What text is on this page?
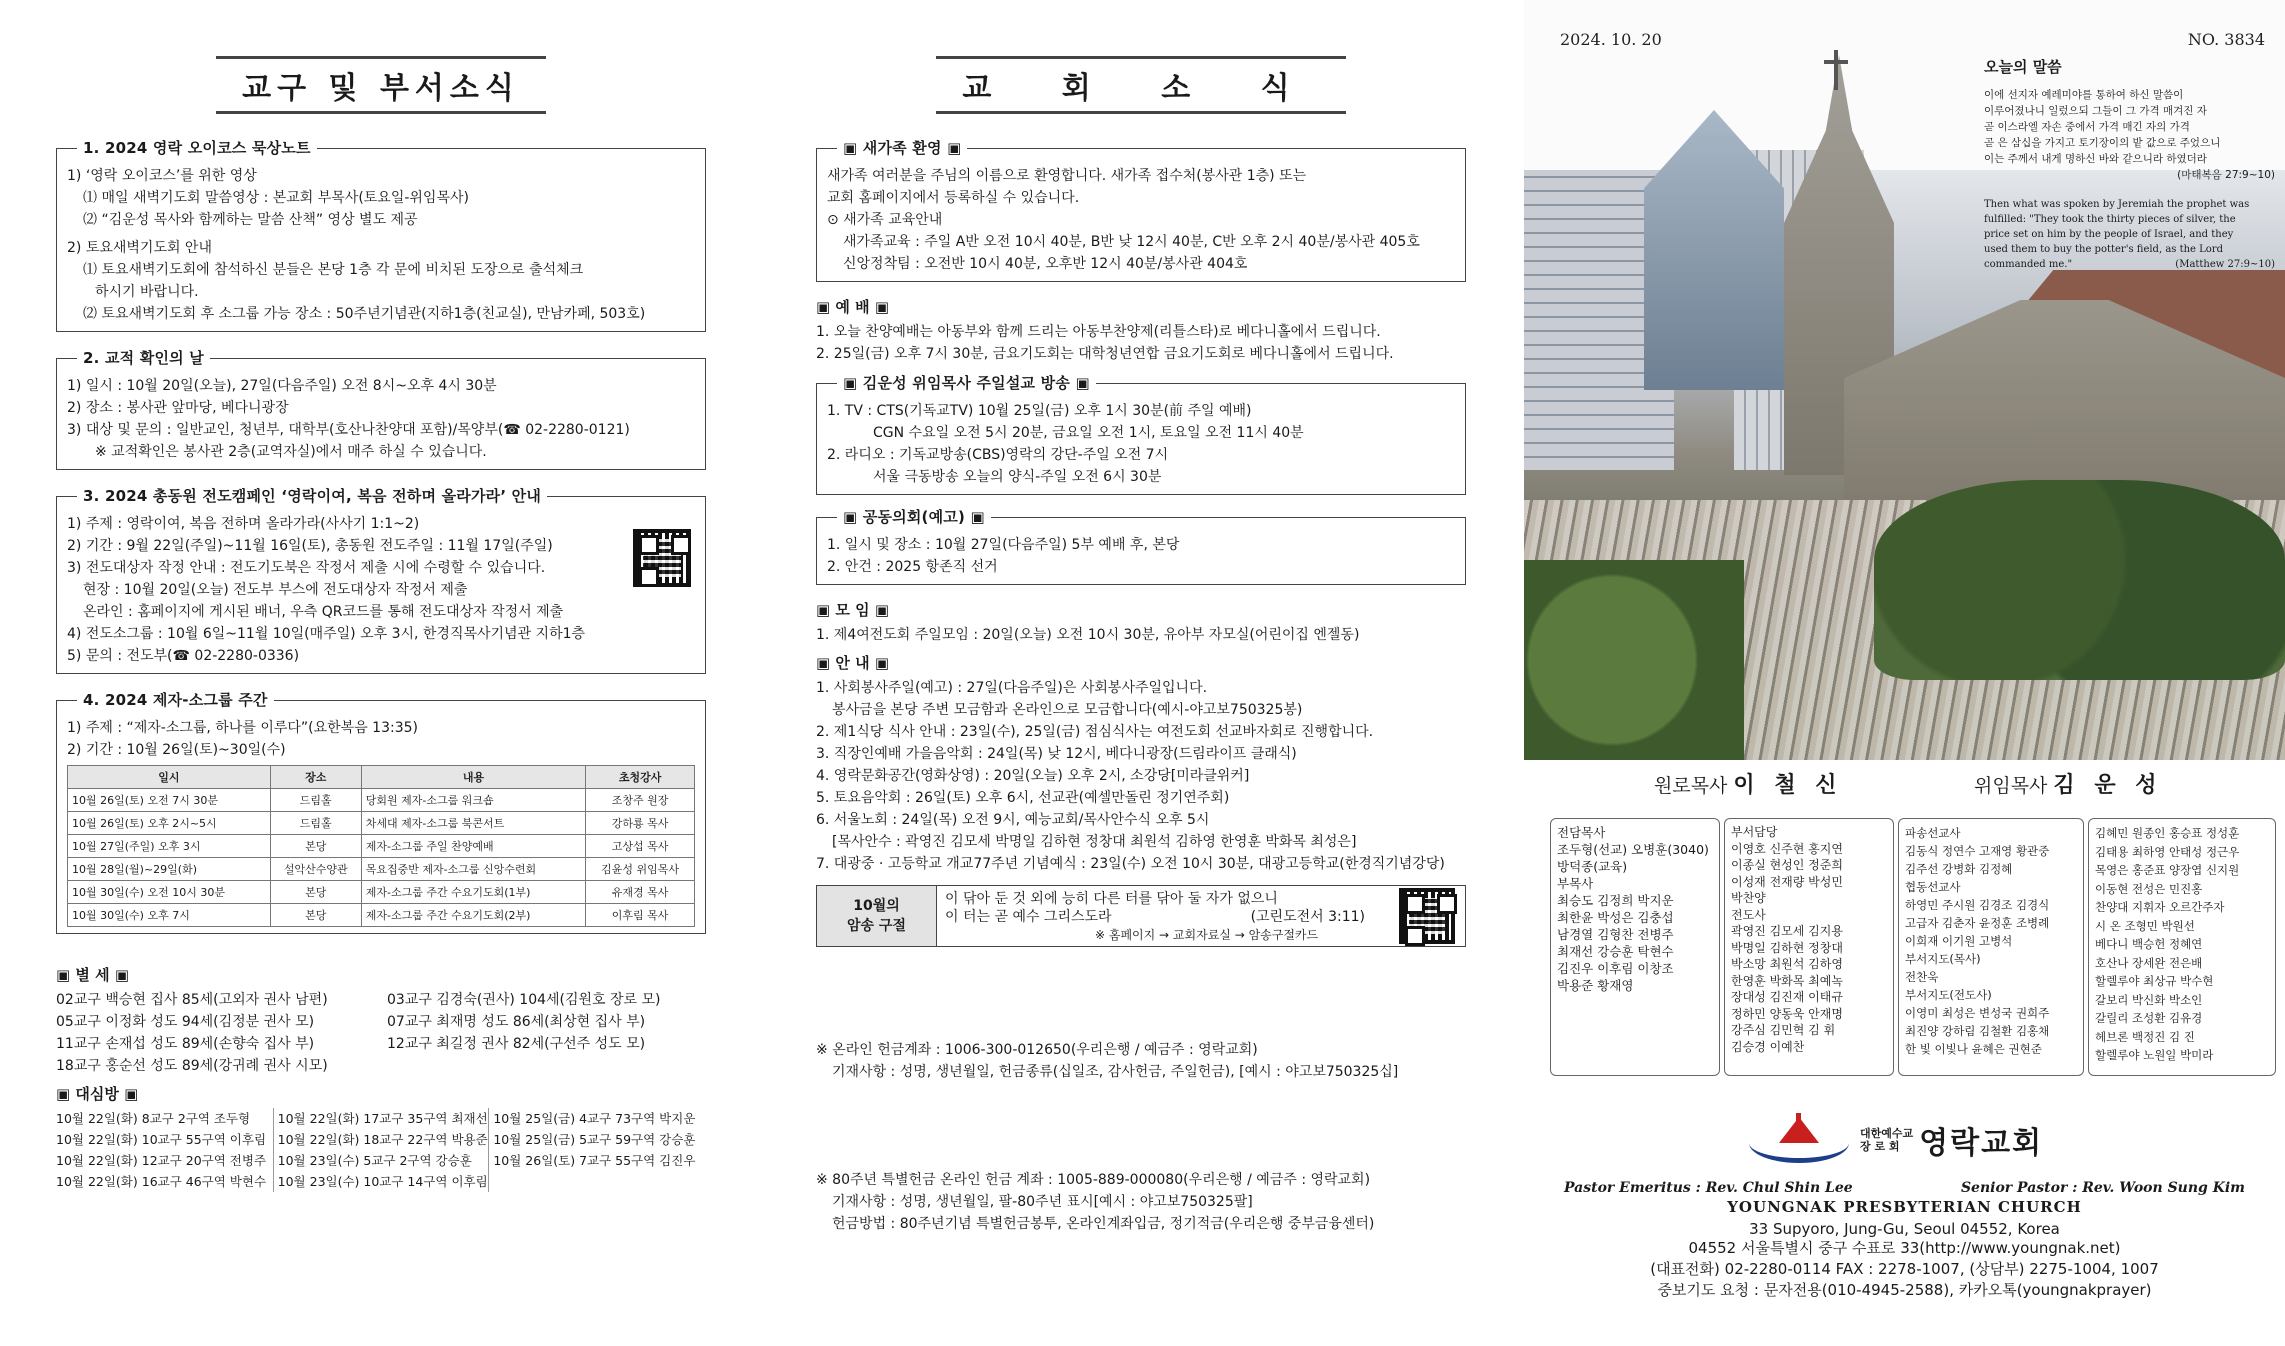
교구 및 부서소식
1. 2024 영락 오이코스 묵상노트
1) ‘영락 오이코스’를 위한 영상
⑴ 매일 새벽기도회 말씀영상 : 본교회 부목사(토요일-위임목사)
⑵ “김운성 목사와 함께하는 말씀 산책” 영상 별도 제공
2) 토요새벽기도회 안내
⑴ 토요새벽기도회에 참석하신 분들은 본당 1층 각 문에 비치된 도장으로 출석체크
하시기 바랍니다.
⑵ 토요새벽기도회 후 소그룹 가능 장소 : 50주년기념관(지하1층(친교실), 만남카페, 503호)
2. 교적 확인의 날
1) 일시 : 10월 20일(오늘), 27일(다음주일) 오전 8시~오후 4시 30분
2) 장소 : 봉사관 앞마당, 베다니광장
3) 대상 및 문의 : 일반교인, 청년부, 대학부(호산나찬양대 포함)/목양부(☎ 02-2280-0121)
※ 교적확인은 봉사관 2층(교역자실)에서 매주 하실 수 있습니다.
3. 2024 총동원 전도캠페인 ‘영락이여, 복음 전하며 올라가라’ 안내
1) 주제 : 영락이여, 복음 전하며 올라가라(사사기 1:1~2)
2) 기간 : 9월 22일(주일)~11월 16일(토), 총동원 전도주일 : 11월 17일(주일)
3) 전도대상자 작정 안내 : 전도기도북은 작정서 제출 시에 수령할 수 있습니다.
현장 : 10월 20일(오늘) 전도부 부스에 전도대상자 작정서 제출
온라인 : 홈페이지에 게시된 배너, 우측 QR코드를 통해 전도대상자 작정서 제출
4) 전도소그룹 : 10월 6일~11월 10일(매주일) 오후 3시, 한경직목사기념관 지하1층
5) 문의 : 전도부(☎ 02-2280-0336)
4. 2024 제자-소그룹 주간
1) 주제 : “제자-소그룹, 하나를 이루다”(요한복음 13:35)
2) 기간 : 10월 26일(토)~30일(수)
일시	장소	내용	초청강사
10월 26일(토) 오전 7시 30분	드림홀	당회원 제자-소그룹 워크숍	조창주 원장
10월 26일(토) 오후 2시~5시	드림홀	차세대 제자-소그룹 북콘서트	강하룡 목사
10월 27일(주일) 오후 3시	본당	제자-소그룹 주일 찬양예배	고상섭 목사
10월 28일(월)~29일(화)	설악산수양관	목요집중반 제자-소그룹 신앙수련회	김윤성 위임목사
10월 30일(수) 오전 10시 30분	본당	제자-소그룹 주간 수요기도회(1부)	유재경 목사
10월 30일(수) 오후 7시	본당	제자-소그룹 주간 수요기도회(2부)	이후림 목사
▣ 별 세 ▣
02교구 백승현 집사 85세(고외자 권사 남편)
05교구 이정화 성도 94세(김정분 권사 모)
11교구 손재섭 성도 89세(손향숙 집사 부)
18교구 홍순선 성도 89세(강귀례 권사 시모)
03교구 김경숙(권사) 104세(김원호 장로 모)
07교구 최재명 성도 86세(최상현 집사 부)
12교구 최길정 권사 82세(구선주 성도 모)
▣ 대심방 ▣
10월 22일(화) 8교구 2구역 조두형
10월 22일(화) 10교구 55구역 이후림
10월 22일(화) 12교구 20구역 전병주
10월 22일(화) 16교구 46구역 박현수
10월 22일(화) 17교구 35구역 최재선
10월 22일(화) 18교구 22구역 박용준
10월 23일(수) 5교구 2구역 강승훈
10월 23일(수) 10교구 14구역 이후림
10월 25일(금) 4교구 73구역 박지운
10월 25일(금) 5교구 59구역 강승훈
10월 26일(토) 7교구 55구역 김진우
교 회 소 식
▣ 새가족 환영 ▣
새가족 여러분을 주님의 이름으로 환영합니다. 새가족 접수처(봉사관 1층) 또는
교회 홈페이지에서 등록하실 수 있습니다.
⊙ 새가족 교육안내
새가족교육 : 주일 A반 오전 10시 40분, B반 낮 12시 40분, C반 오후 2시 40분/봉사관 405호
신앙정착팀 : 오전반 10시 40분, 오후반 12시 40분/봉사관 404호
▣ 예 배 ▣
1. 오늘 찬양예배는 아동부와 함께 드리는 아동부찬양제(리틀스타)로 베다니홀에서 드립니다.
2. 25일(금) 오후 7시 30분, 금요기도회는 대학청년연합 금요기도회로 베다니홀에서 드립니다.
▣ 김운성 위임목사 주일설교 방송 ▣
1. TV : CTS(기독교TV) 10월 25일(금) 오후 1시 30분(前 주일 예배)
CGN 수요일 오전 5시 20분, 금요일 오전 1시, 토요일 오전 11시 40분
2. 라디오 : 기독교방송(CBS)영락의 강단-주일 오전 7시
서울 극동방송 오늘의 양식-주일 오전 6시 30분
▣ 공동의회(예고) ▣
1. 일시 및 장소 : 10월 27일(다음주일) 5부 예배 후, 본당
2. 안건 : 2025 항존직 선거
▣ 모 임 ▣
1. 제4여전도회 주일모임 : 20일(오늘) 오전 10시 30분, 유아부 자모실(어린이집 엔젤동)
▣ 안 내 ▣
1. 사회봉사주일(예고) : 27일(다음주일)은 사회봉사주일입니다.
봉사금을 본당 주변 모금함과 온라인으로 모금합니다(예시-야고보750325봉)
2. 제1식당 식사 안내 : 23일(수), 25일(금) 점심식사는 여전도회 선교바자회로 진행합니다.
3. 직장인예배 가을음악회 : 24일(목) 낮 12시, 베다니광장(드림라이프 클래식)
4. 영락문화공간(영화상영) : 20일(오늘) 오후 2시, 소강당[미라클위커]
5. 토요음악회 : 26일(토) 오후 6시, 선교관(예셀만돌린 정기연주회)
6. 서울노회 : 24일(목) 오전 9시, 예능교회/목사안수식 오후 5시
[목사안수 : 곽영진 김모세 박명일 김하현 정창대 최원석 김하영 한영훈 박화목 최성은]
7. 대광중 · 고등학교 개교77주년 기념예식 : 23일(수) 오전 10시 30분, 대광고등학교(한경직기념강당)
10월의
암송 구절
이 닦아 둔 것 외에 능히 다른 터를 닦아 둘 자가 없으니
이 터는 곧 예수 그리스도라	(고린도전서 3:11)
※ 홈페이지 → 교회자료실 → 암송구절카드
※ 온라인 헌금계좌 : 1006-300-012650(우리은행 / 예금주 : 영락교회)
기재사항 : 성명, 생년월일, 헌금종류(십일조, 감사헌금, 주일헌금), [예시 : 야고보750325십]
※ 80주년 특별헌금 온라인 헌금 계좌 : 1005-889-000080(우리은행 / 예금주 : 영락교회)
기재사항 : 성명, 생년월일, 팔-80주년 표시[예시 : 야고보750325팔]
헌금방법 : 80주년기념 특별헌금봉투, 온라인계좌입금, 정기적금(우리은행 중부금융센터)
2024. 10. 20	NO. 3834
오늘의 말씀
이에 선지자 예레미야를 통하여 하신 말씀이
이루어졌나니 일렀으되 그들이 그 가격 매겨진 자
곧 이스라엘 자손 중에서 가격 매긴 자의 가격
곧 은 삼십을 가지고 토기장이의 밭 값으로 주었으니
이는 주께서 내게 명하신 바와 같으니라 하였더라
(마태복음 27:9~10)
Then what was spoken by Jeremiah the prophet was
fulfilled: "They took the thirty pieces of silver, the
price set on him by the people of Israel, and they
used them to buy the potter's field, as the Lord
commanded me."	(Matthew 27:9~10)
원로목사 이 철 신	위임목사 김 운 성
전담목사
조두형(선교) 오병훈(3040)
방덕종(교육)
부목사
최승도 김정희 박지운
최한윤 박성은 김충섭
남경열 김형찬 전병주
최재선 강승훈 탁현수
김진우 이후림 이창조
박용준 황재영
부서담당
이영호 신주현 홍지연
이종실 현성인 정준희
이성재 전재량 박성민
박찬양
전도사
곽영진 김모세 김지용
박명일 김하현 정창대
박소망 최원석 김하영
한영훈 박화목 최예녹
장대성 김진재 이태규
정하민 양동욱 안재명
강주심 김민혁 김 휘
김승경 이예찬
파송선교사
김동식 정연수 고재영 황관중
김주선 강병화 김정혜
협동선교사
하영민 주시원 김경조 김경식
고급자 김춘자 윤정훈 조병례
이희재 이기원 고병석
부서지도(목사)
전찬욱
부서지도(전도사)
이영미 최성은 변성국 권희주
최진양 강하림 김철환 김홍채
한 빛 이빛나 윤혜은 권현준
김혜민 원종인 홍승표 정성훈
김태용 최하영 안태성 정근우
목영은 홍준표 양장엽 신지원
이동현 전성은 민진홍
찬양대 지휘자 오르간주자
시 온 조형민 박원선
베다니 백승헌 정혜연
호산나 장세완 전은배
할렐루야 최상규 박수현
갈보리 박신화 박소인
갈릴리 조성환 김유경
헤브론 백정진 김 진
할렐루야 노원일 박미라
대한예수교
장 로 회 영락교회
Pastor Emeritus : Rev. Chul Shin Lee	Senior Pastor : Rev. Woon Sung Kim
YOUNGNAK PRESBYTERIAN CHURCH
33 Supyoro, Jung-Gu, Seoul 04552, Korea
04552 서울특별시 중구 수표로 33(http://www.youngnak.net)
(대표전화) 02-2280-0114 FAX : 2278-1007, (상담부) 2275-1004, 1007
중보기도 요청 : 문자전용(010-4945-2588), 카카오톡(youngnakprayer)
